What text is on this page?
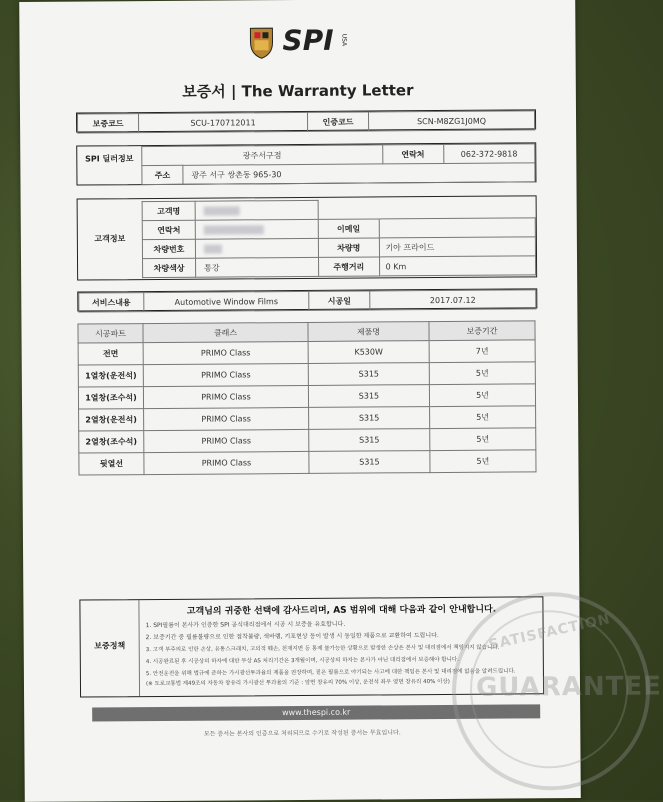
SPI USA
보증서 | The Warranty Letter
보증코드	SCU-170712011	인증코드	SCN-M8ZG1J0MQ
SPI 딜러정보	광주서구점		연락처	062-372-9818
주소	광주 서구 쌍촌동 965-30		
고객정보
고객명			
연락처		이메일	
차량번호		차량명	기아 프라이드
차량색상	통강	주행거리	0 Km
서비스내용	Automotive Window Films	시공일	2017.07.12
시공파트	클래스	제품명	보증기간
전면	PRIMO Class	K530W	7년
1열창(운전석)	PRIMO Class	S315	5년
1열창(조수석)	PRIMO Class	S315	5년
2열창(운전석)	PRIMO Class	S315	5년
2열창(조수석)	PRIMO Class	S315	5년
뒷열선	PRIMO Class	S315	5년
보증정책
고객님의 귀중한 선택에 감사드리며, AS 범위에 대해 다음과 같이 안내합니다.
1. SPI필름이 본사가 인증한 SPI 공식대리점에서 시공 시 보증을 유효합니다.
2. 보증기간 중 필름불량으로 인한 접착불량, 색바램, 기포현상 등이 발생 시 동일한 제품으로 교환하여 드립니다.
3. 고객 부주의로 인한 손상, 유통스크래치, 고의적 훼손, 천재지변 등 통제 불가능한 상황으로 발생한 손상은 본사 및 대리점에서 책임지지 않습니다.
4. 시공완료된 후 시공상의 하자에 대한 무상 AS 처리기간은 3개월이며, 시공상의 하자는 본사가 아닌 대리점에서 보증해야 합니다.
5. 안전운전을 위해 법규에 준하는 가시광선투과율의 제품을 권장하며, 짙은 필름으로 야기되는 사고에 대한 책임은 본사 및 대리점에 없음을 알려드립니다.
(※ 도로교통법 제49조의 자동차 창유리 가시광선 투과율의 기준 : 앞면 창유리 70% 이상, 운전석 좌우 옆면 창유리 40% 이상)
www.thespi.co.kr
모든 증서는 본사의 인증으로 처리되므로 수기로 작성된 증서는 무효입니다.
SATISFACTION
GUARANTEE
